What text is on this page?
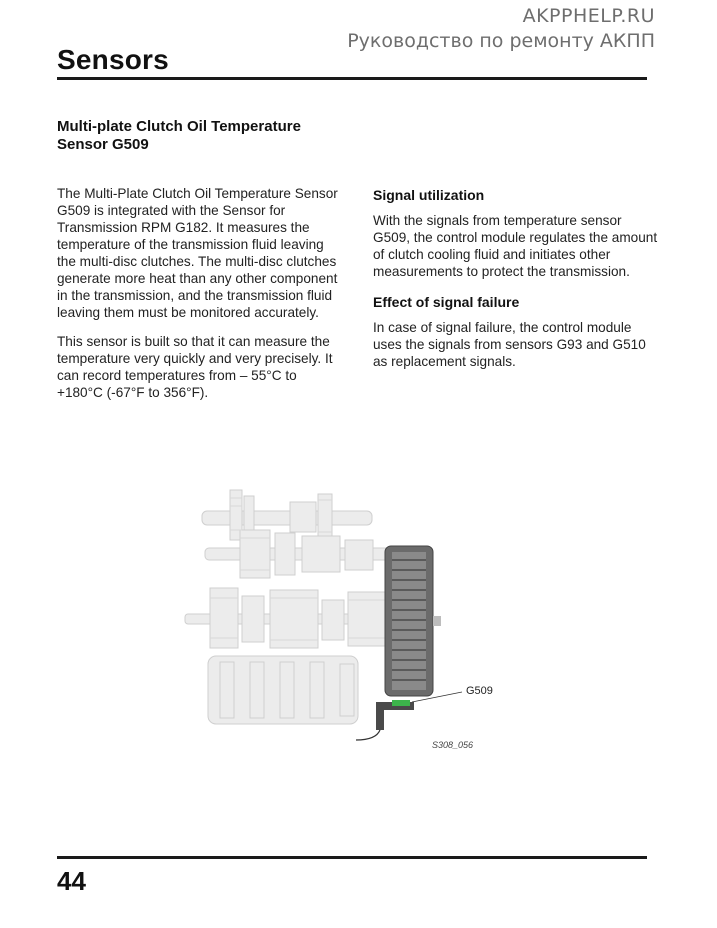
AKPPHELP.RU
Руководство по ремонту АКПП
Sensors
Multi-plate Clutch Oil Temperature
Sensor G509

The Multi-Plate Clutch Oil Temperature Sensor G509 is integrated with the Sensor for Transmission RPM G182. It measures the temperature of the transmission fluid leaving the multi-disc clutches. The multi-disc clutches generate more heat than any other component in the transmission, and the transmission fluid leaving them must be monitored accurately.

This sensor is built so that it can measure the temperature very quickly and very precisely. It can record temperatures from – 55°C to +180°C (-67°F to 356°F).

Signal utilization

With the signals from temperature sensor G509, the control module regulates the amount of clutch cooling fluid and initiates other measurements to protect the transmission.

Effect of signal failure

In case of signal failure, the control module uses the signals from sensors G93 and G510 as replacement signals.

G509
S308_056
44
